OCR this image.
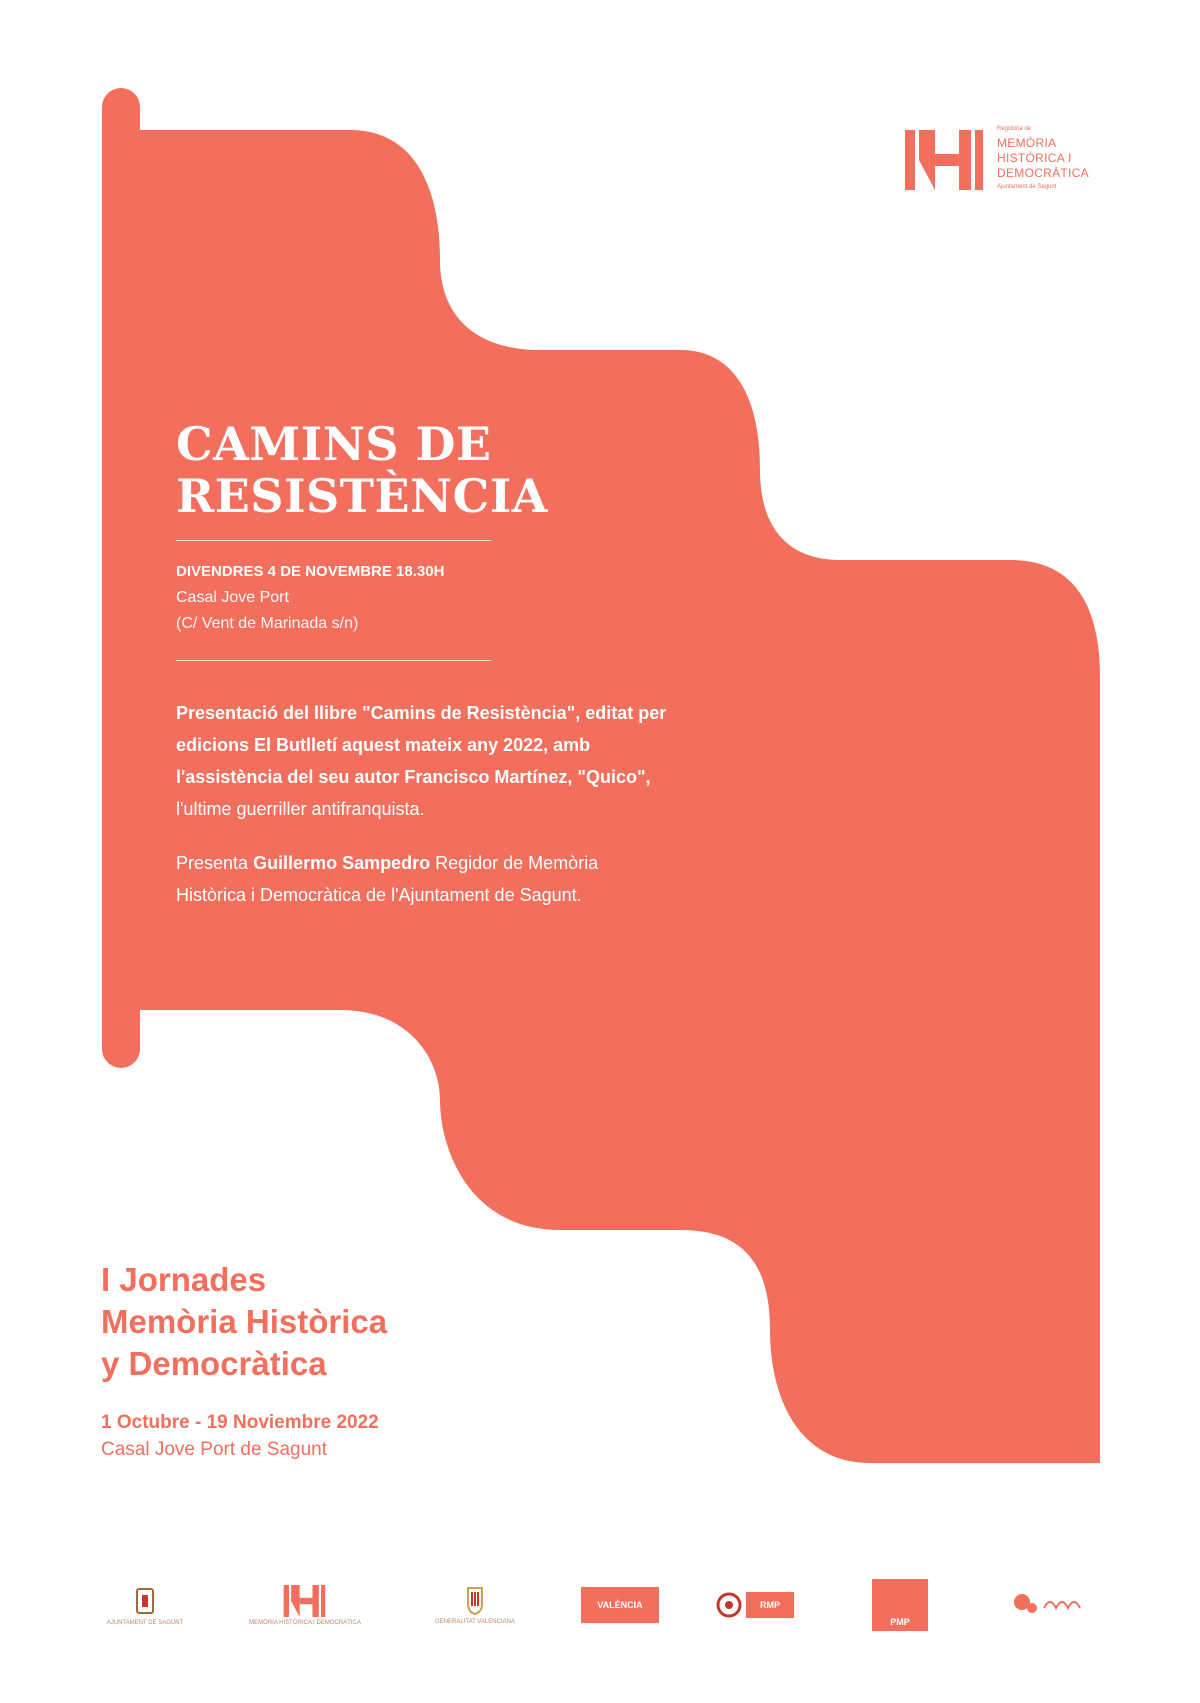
Regidoria de
MEMÒRIA
HISTÒRICA I
DEMOCRÀTICA
Ajuntament de Sagunt
CAMINS DE
RESISTÈNCIA
DIVENDRES 4 DE NOVEMBRE 18.30H
Casal Jove Port
(C/ Vent de Marinada s/n)
Presentació del llibre "Camins de Resistència", editat per
edicions El Butlletí aquest mateix any 2022, amb
l'assistència del seu autor Francisco Martínez, "Quico",
l'ultime guerriller antifranquista.
Presenta Guillermo Sampedro Regidor de Memòria
Històrica i Democràtica de l'Ajuntament de Sagunt.
I Jornades
Memòria Històrica
y Democràtica
1 Octubre - 19 Noviembre 2022
Casal Jove Port de Sagunt
AJUNTAMENT DE SAGUNT	MEMÒRIA HISTÒRICA I DEMOCRÀTICA	GENERALITAT VALENCIANA
VALÈNCIA	RMP
PMP
